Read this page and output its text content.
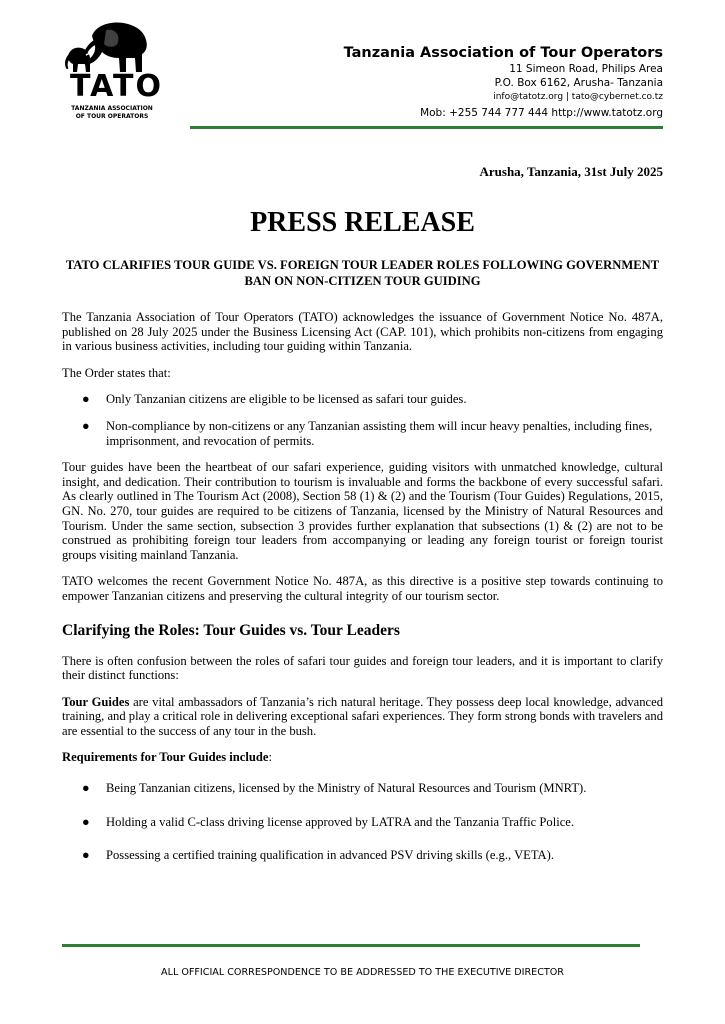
TATO
TANZANIA ASSOCIATION
OF TOUR OPERATORS
Tanzania Association of Tour Operators
11 Simeon Road, Philips Area
P.O. Box 6162, Arusha- Tanzania
info@tatotz.org | tato@cybernet.co.tz
Mob: +255 744 777 444 http://www.tatotz.org
Arusha, Tanzania, 31st July 2025
PRESS RELEASE
TATO CLARIFIES TOUR GUIDE VS. FOREIGN TOUR LEADER ROLES FOLLOWING GOVERNMENT BAN ON NON-CITIZEN TOUR GUIDING

The Tanzania Association of Tour Operators (TATO) acknowledges the issuance of Government Notice No. 487A, published on 28 July 2025 under the Business Licensing Act (CAP. 101), which prohibits non-citizens from engaging in various business activities, including tour guiding within Tanzania.

The Order states that:

● Only Tanzanian citizens are eligible to be licensed as safari tour guides.
● Non-compliance by non-citizens or any Tanzanian assisting them will incur heavy penalties, including fines, imprisonment, and revocation of permits.

Tour guides have been the heartbeat of our safari experience, guiding visitors with unmatched knowledge, cultural insight, and dedication. Their contribution to tourism is invaluable and forms the backbone of every successful safari. As clearly outlined in The Tourism Act (2008), Section 58 (1) & (2) and the Tourism (Tour Guides) Regulations, 2015, GN. No. 270, tour guides are required to be citizens of Tanzania, licensed by the Ministry of Natural Resources and Tourism. Under the same section, subsection 3 provides further explanation that subsections (1) & (2) are not to be construed as prohibiting foreign tour leaders from accompanying or leading any foreign tourist or foreign tourist groups visiting mainland Tanzania.

TATO welcomes the recent Government Notice No. 487A, as this directive is a positive step towards continuing to empower Tanzanian citizens and preserving the cultural integrity of our tourism sector.

Clarifying the Roles: Tour Guides vs. Tour Leaders

There is often confusion between the roles of safari tour guides and foreign tour leaders, and it is important to clarify their distinct functions:

Tour Guides are vital ambassadors of Tanzania’s rich natural heritage. They possess deep local knowledge, advanced training, and play a critical role in delivering exceptional safari experiences. They form strong bonds with travelers and are essential to the success of any tour in the bush.

Requirements for Tour Guides include:

● Being Tanzanian citizens, licensed by the Ministry of Natural Resources and Tourism (MNRT).
● Holding a valid C-class driving license approved by LATRA and the Tanzania Traffic Police.
● Possessing a certified training qualification in advanced PSV driving skills (e.g., VETA).
ALL OFFICIAL CORRESPONDENCE TO BE ADDRESSED TO THE EXECUTIVE DIRECTOR
